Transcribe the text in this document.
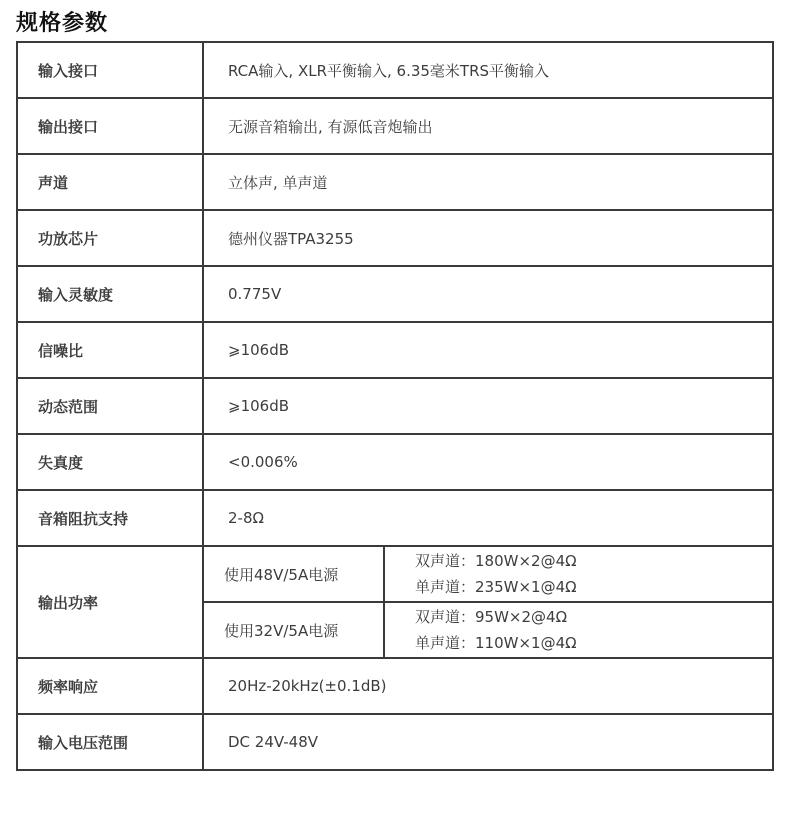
规格参数
输入接口	RCA输入, XLR平衡输入, 6.35毫米TRS平衡输入	
输出接口	无源音箱输出, 有源低音炮输出	
声道	立体声, 单声道	
功放芯片	德州仪器TPA3255	
输入灵敏度	0.775V	
信噪比	⩾106dB	
动态范围	⩾106dB	
失真度	<0.006%	
音箱阻抗支持	2-8Ω	
输出功率	使用48V/5A电源	双声道：180W×2@4Ω
单声道：235W×1@4Ω

	使用32V/5A电源	双声道：95W×2@4Ω
单声道：110W×1@4Ω

频率响应	20Hz-20kHz(±0.1dB)	
输入电压范围	DC 24V-48V	
